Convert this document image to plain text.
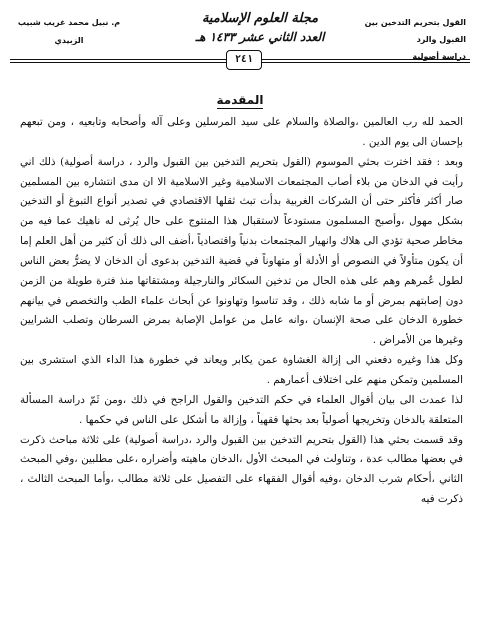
القول بتحريم التدخين بين القبول والرد
دراسة أصولية
مجلة العلوم الإسلامية
العدد الثاني عشر ١٤٣٣ هـ
م. نبيل محمد غريب شبيب
الزبيدي
٢٤١
المقدمة

الحمد لله رب العالمين ،والصلاة والسلام على سيد المرسلين وعلى آله وأصحابه وتابعيه ، ومن تبعهم بإحسان الى يوم الدين .

وبعد : فقد اخترت بحثي الموسوم (القول بتحريم التدخين بين القبول والرد ، دراسة أصولية) ذلك اني رأيت في الدخان من بلاء أصاب المجتمعات الاسلامية وغير الاسلامية الا ان مدى انتشاره بين المسلمين صار أكثر فأكثر حتى أن الشركات الغربية بدأت تبث ثقلها الاقتصادي في تصدير أنواع التبوغ أو التدخين بشكل مهول ،وأصبح المسلمون مستودعاً لاستقبال هذا المنتوج على حال يُرثى له ناهيك عما فيه من مخاطر صحية تؤدي الى هلاك وانهيار المجتمعات بدنياً واقتصادياً ،أضف الى ذلك أن كثير من أهل العلم إما أن يكون متأولاً في النصوص أو الأدلة أو متهاوناً في قضية التدخين بدعوى أن الدخان لا يضرُّ بعض الناس لطول عُمرهم وهم على هذه الحال من تدخين السكائر والنارجيلة ومشتقاتها منذ فترة طويلة من الزمن دون إصابتهم بمرض أو ما شابه ذلك ، وقد تناسوا وتهاونوا عن أبحاث علماء الطب والتخصص في بيانهم خطورة الدخان على صحة الإنسان ،وانه عامل من عوامل الإصابة بمرض السرطان وتصلب الشرايين وغيرها من الأمراض .

وكل هذا وغيره دفعني الى إزالة الغشاوة عمن يكابر ويعاند في خطورة هذا الداء الذي استشرى بين المسلمين وتمكن منهم على اختلاف أعمارهم .

لذا عمدت الى بيان أقوال العلماء في حكم التدخين والقول الراجح في ذلك ،ومن ثَمّ دراسة المسألة المتعلقة بالدخان وتخريجها أصولياً بعد بحثها فقهياً ، وإزالة ما أشكل على الناس في حكمها .

وقد قسمت بحثي هذا (القول بتحريم التدخين بين القبول والرد ،دراسة أصولية) على ثلاثة مباحث ذكرت في بعضها مطالب عدة ، وتناولت في المبحث الأول ،الدخان ماهيته وأضراره ،على مطلبين ،وفي المبحث الثاني ،أحكام شرب الدخان ،وفيه أقوال الفقهاء على التفصيل على ثلاثة مطالب ،وأما المبحث الثالث ، ذكرت فيه
